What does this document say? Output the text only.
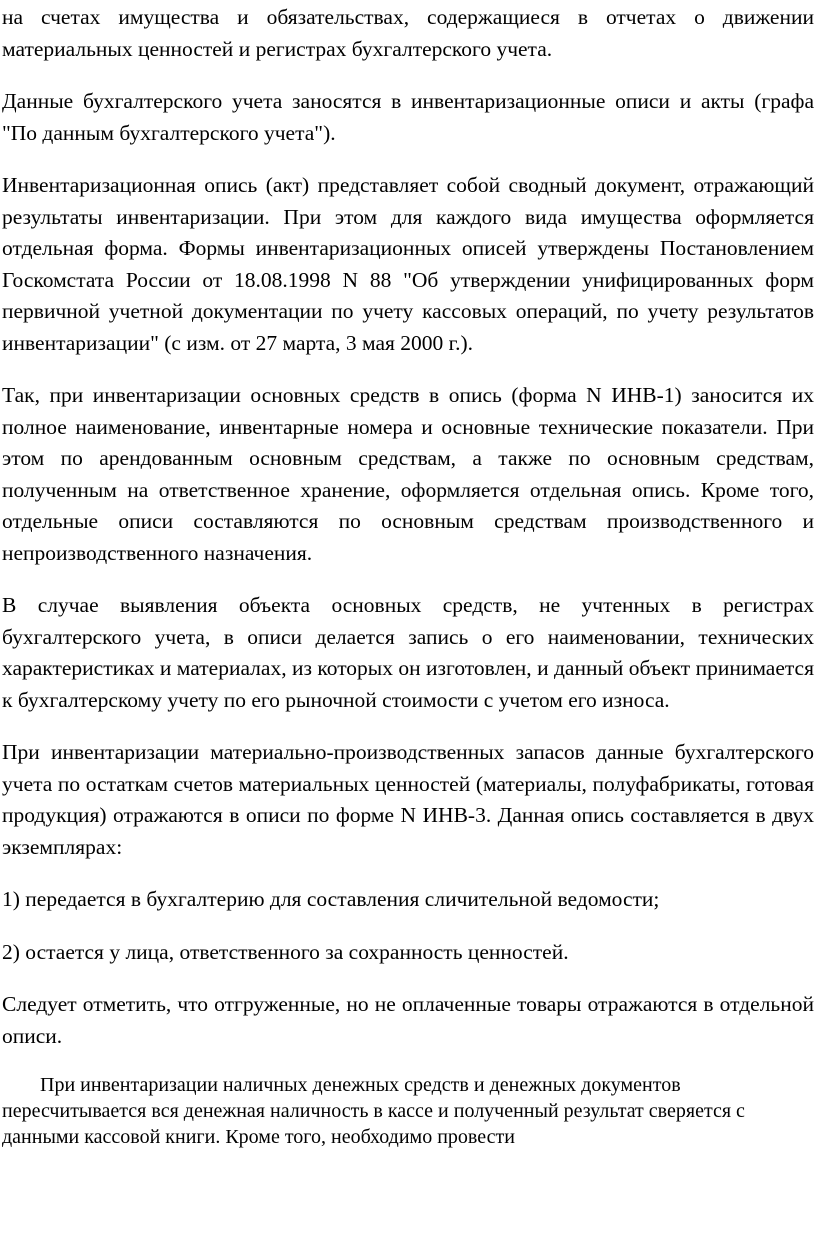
на счетах имущества и обязательствах, содержащиеся в отчетах о движении материальных ценностей и регистрах бухгалтерского учета.

Данные бухгалтерского учета заносятся в инвентаризационные описи и акты (графа "По данным бухгалтерского учета").

Инвентаризационная опись (акт) представляет собой сводный документ, отражающий результаты инвентаризации. При этом для каждого вида имущества оформляется отдельная форма. Формы инвентаризационных описей утверждены Постановлением Госкомстата России от 18.08.1998 N 88 "Об утверждении унифицированных форм первичной учетной документации по учету кассовых операций, по учету результатов инвентаризации" (с изм. от 27 марта, 3 мая 2000 г.).

Так, при инвентаризации основных средств в опись (форма N ИНВ-1) заносится их полное наименование, инвентарные номера и основные технические показатели. При этом по арендованным основным средствам, а также по основным средствам, полученным на ответственное хранение, оформляется отдельная опись. Кроме того, отдельные описи составляются по основным средствам производственного и непроизводственного назначения.

В случае выявления объекта основных средств, не учтенных в регистрах бухгалтерского учета, в описи делается запись о его наименовании, технических характеристиках и материалах, из которых он изготовлен, и данный объект принимается к бухгалтерскому учету по его рыночной стоимости с учетом его износа.

При инвентаризации материально-производственных запасов данные бухгалтерского учета по остаткам счетов материальных ценностей (материалы, полуфабрикаты, готовая продукция) отражаются в описи по форме N ИНВ-3. Данная опись составляется в двух экземплярах:

1) передается в бухгалтерию для составления сличительной ведомости;

2) остается у лица, ответственного за сохранность ценностей.

Следует отметить, что отгруженные, но не оплаченные товары отражаются в отдельной описи.

При инвентаризации наличных денежных средств и денежных документов пересчитывается вся денежная наличность в кассе и полученный результат сверяется с данными кассовой книги. Кроме того, необходимо провести
